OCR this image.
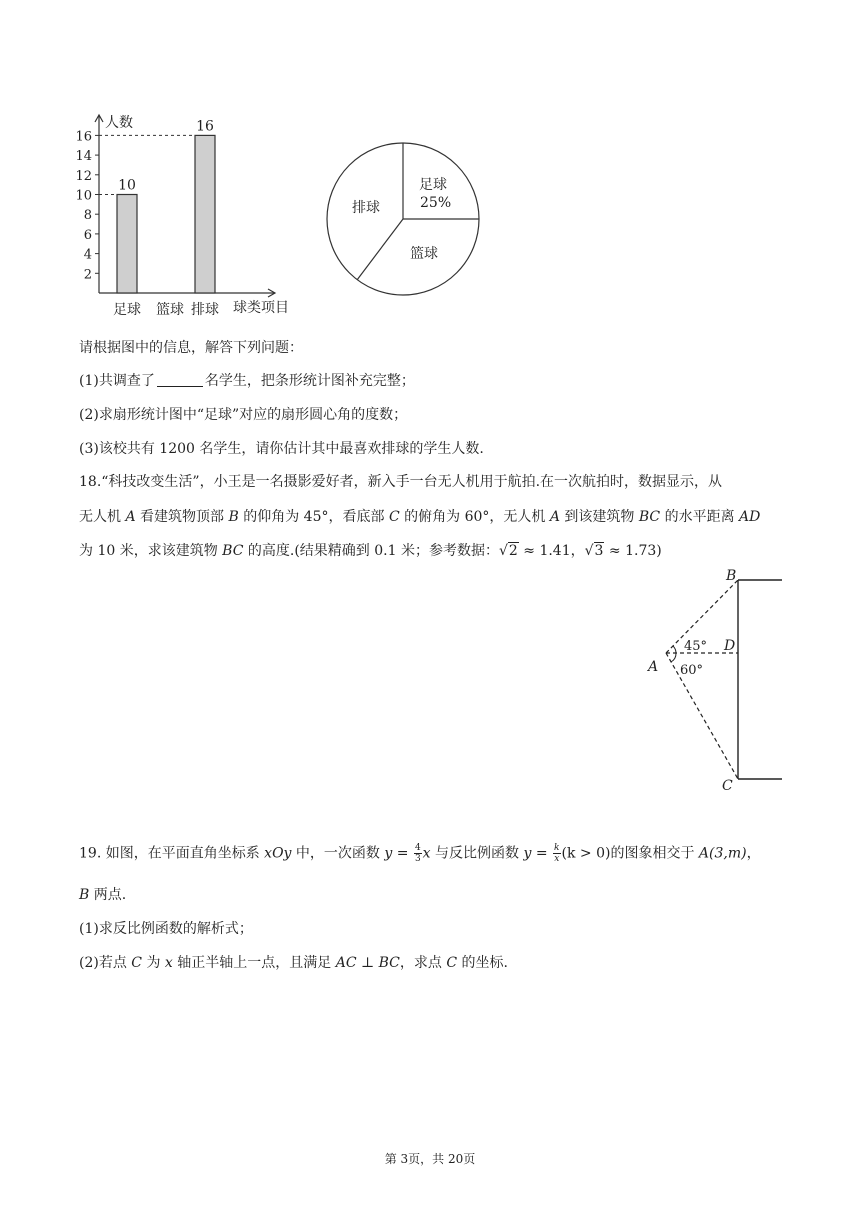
2
4
6
8
10
12
14
16
足球
10
篮球 排球
16
人数
球类项目
足球
25%
篮球
排球
请根据图中的信息，解答下列问题：
(1)共调查了	名学生，把条形统计图补充完整；
(2)求扇形统计图中“足球”对应的扇形圆心角的度数；
(3)该校共有 1200 名学生，请你估计其中最喜欢排球的学生人数.
18.“科技改变生活”，小王是一名摄影爱好者，新入手一台无人机用于航拍.在一次航拍时，数据显示，从
无人机 A 看建筑物顶部 B 的仰角为 45°，看底部 C 的俯角为 60°，无人机 A 到该建筑物 BC 的水平距离 AD
为 10 米，求该建筑物 BC 的高度.(结果精确到 0.1 米；参考数据：√2 ≈ 1.41，√3 ≈ 1.73)
A
B
C
D
45°
60°
19. 如图，在平面直角坐标系 xOy 中，一次函数 $y = \frac{4}{3}$ x 与反比例函数 $y = \frac{k}{x} (k > 0)$的图象相交于 A(3,m)，
B 两点.
(1)求反比例函数的解析式；
(2)若点 C 为 x 轴正半轴上一点，且满足 AC ⊥ BC，求点 C 的坐标.
第 3页，共 20页
